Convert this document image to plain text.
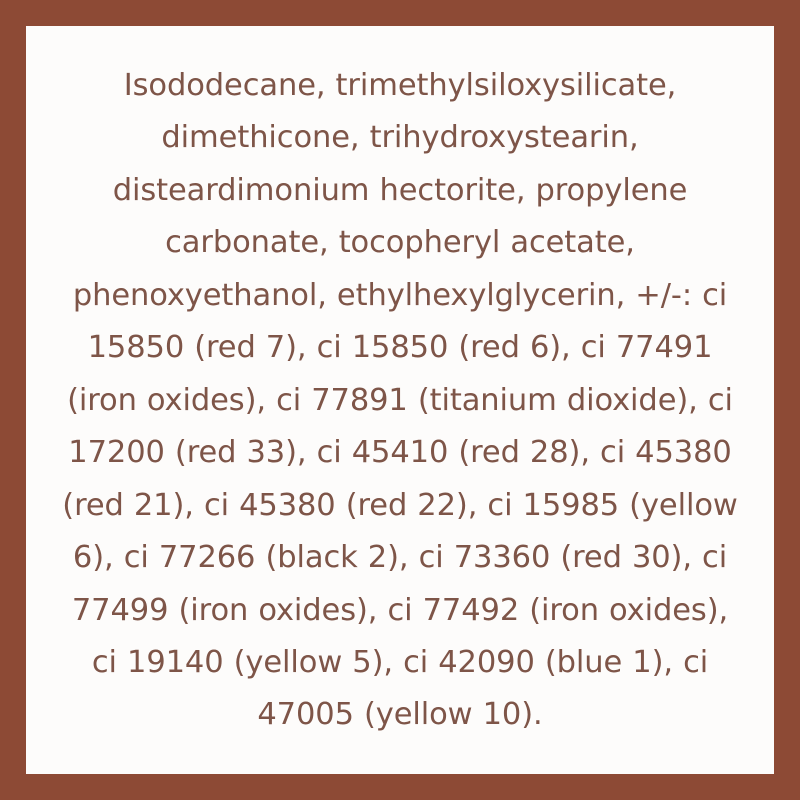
Isododecane, trimethylsiloxysilicate, dimethicone, trihydroxystearin, disteardimonium hectorite, propylene carbonate, tocopheryl acetate, phenoxyethanol, ethylhexylglycerin, +/-: ci 15850 (red 7), ci 15850 (red 6), ci 77491 (iron oxides), ci 77891 (titanium dioxide), ci 17200 (red 33), ci 45410 (red 28), ci 45380 (red 21), ci 45380 (red 22), ci 15985 (yellow 6), ci 77266 (black 2), ci 73360 (red 30), ci 77499 (iron oxides), ci 77492 (iron oxides), ci 19140 (yellow 5), ci 42090 (blue 1), ci 47005 (yellow 10).
